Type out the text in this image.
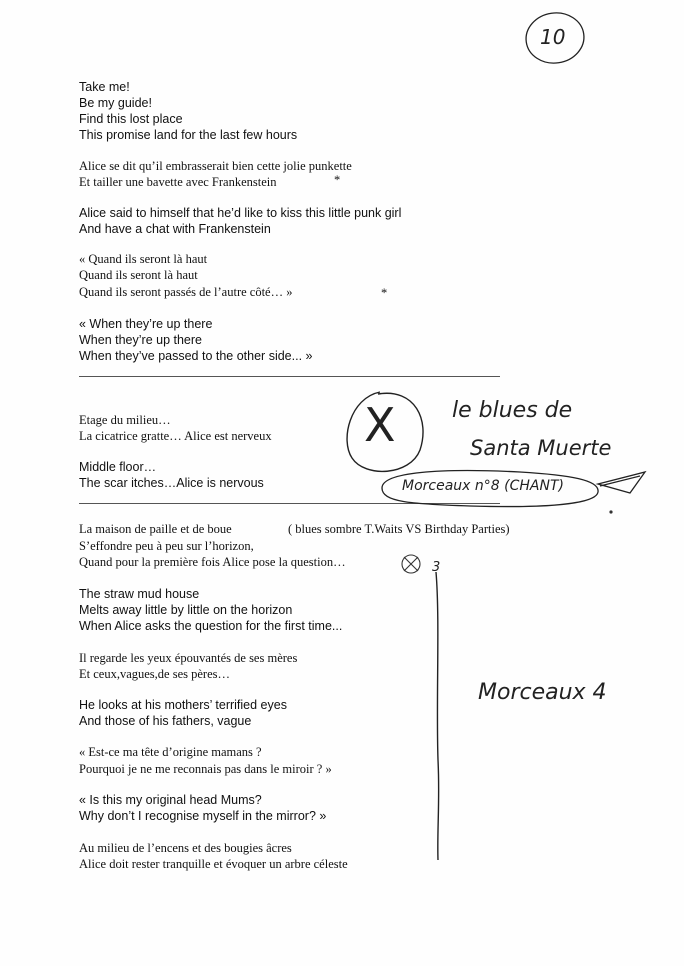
Take me!
Be my guide!
Find this lost place
This promise land for the last few hours
Alice se dit qu’il embrasserait bien cette jolie punkette
Et tailler une bavette avec Frankenstein	*
Alice said to himself that he’d like to kiss this little punk girl
And have a chat with Frankenstein
« Quand ils seront là haut
Quand ils seront là haut
Quand ils seront passés de l’autre côté… »	*
« When they’re up there
When they’re up there
When they’ve passed to the other side... »
Etage du milieu…
La cicatrice gratte… Alice est nerveux
Middle floor…
The scar itches…Alice is nervous
La maison de paille et de boue	( blues sombre T.Waits VS Birthday Parties)
S’effondre peu à peu sur l’horizon,
Quand pour la première fois Alice pose la question…
The straw mud house
Melts away little by little on the horizon
When Alice asks the question for the first time...
Il regarde les yeux épouvantés de ses mères
Et ceux,vagues,de ses pères…
He looks at his mothers’ terrified eyes
And those of his fathers, vague
« Est-ce ma tête d’origine mamans ?
Pourquoi je ne me reconnais pas dans le miroir ? »
« Is this my original head Mums?
Why don’t I recognise myself in the mirror? »
Au milieu de l’encens et des bougies âcres
Alice doit rester tranquille et évoquer un arbre céleste
10
X	le blues de
Santa Muerte
Morceaux n°8 (CHANT)
3
Morceaux 4
